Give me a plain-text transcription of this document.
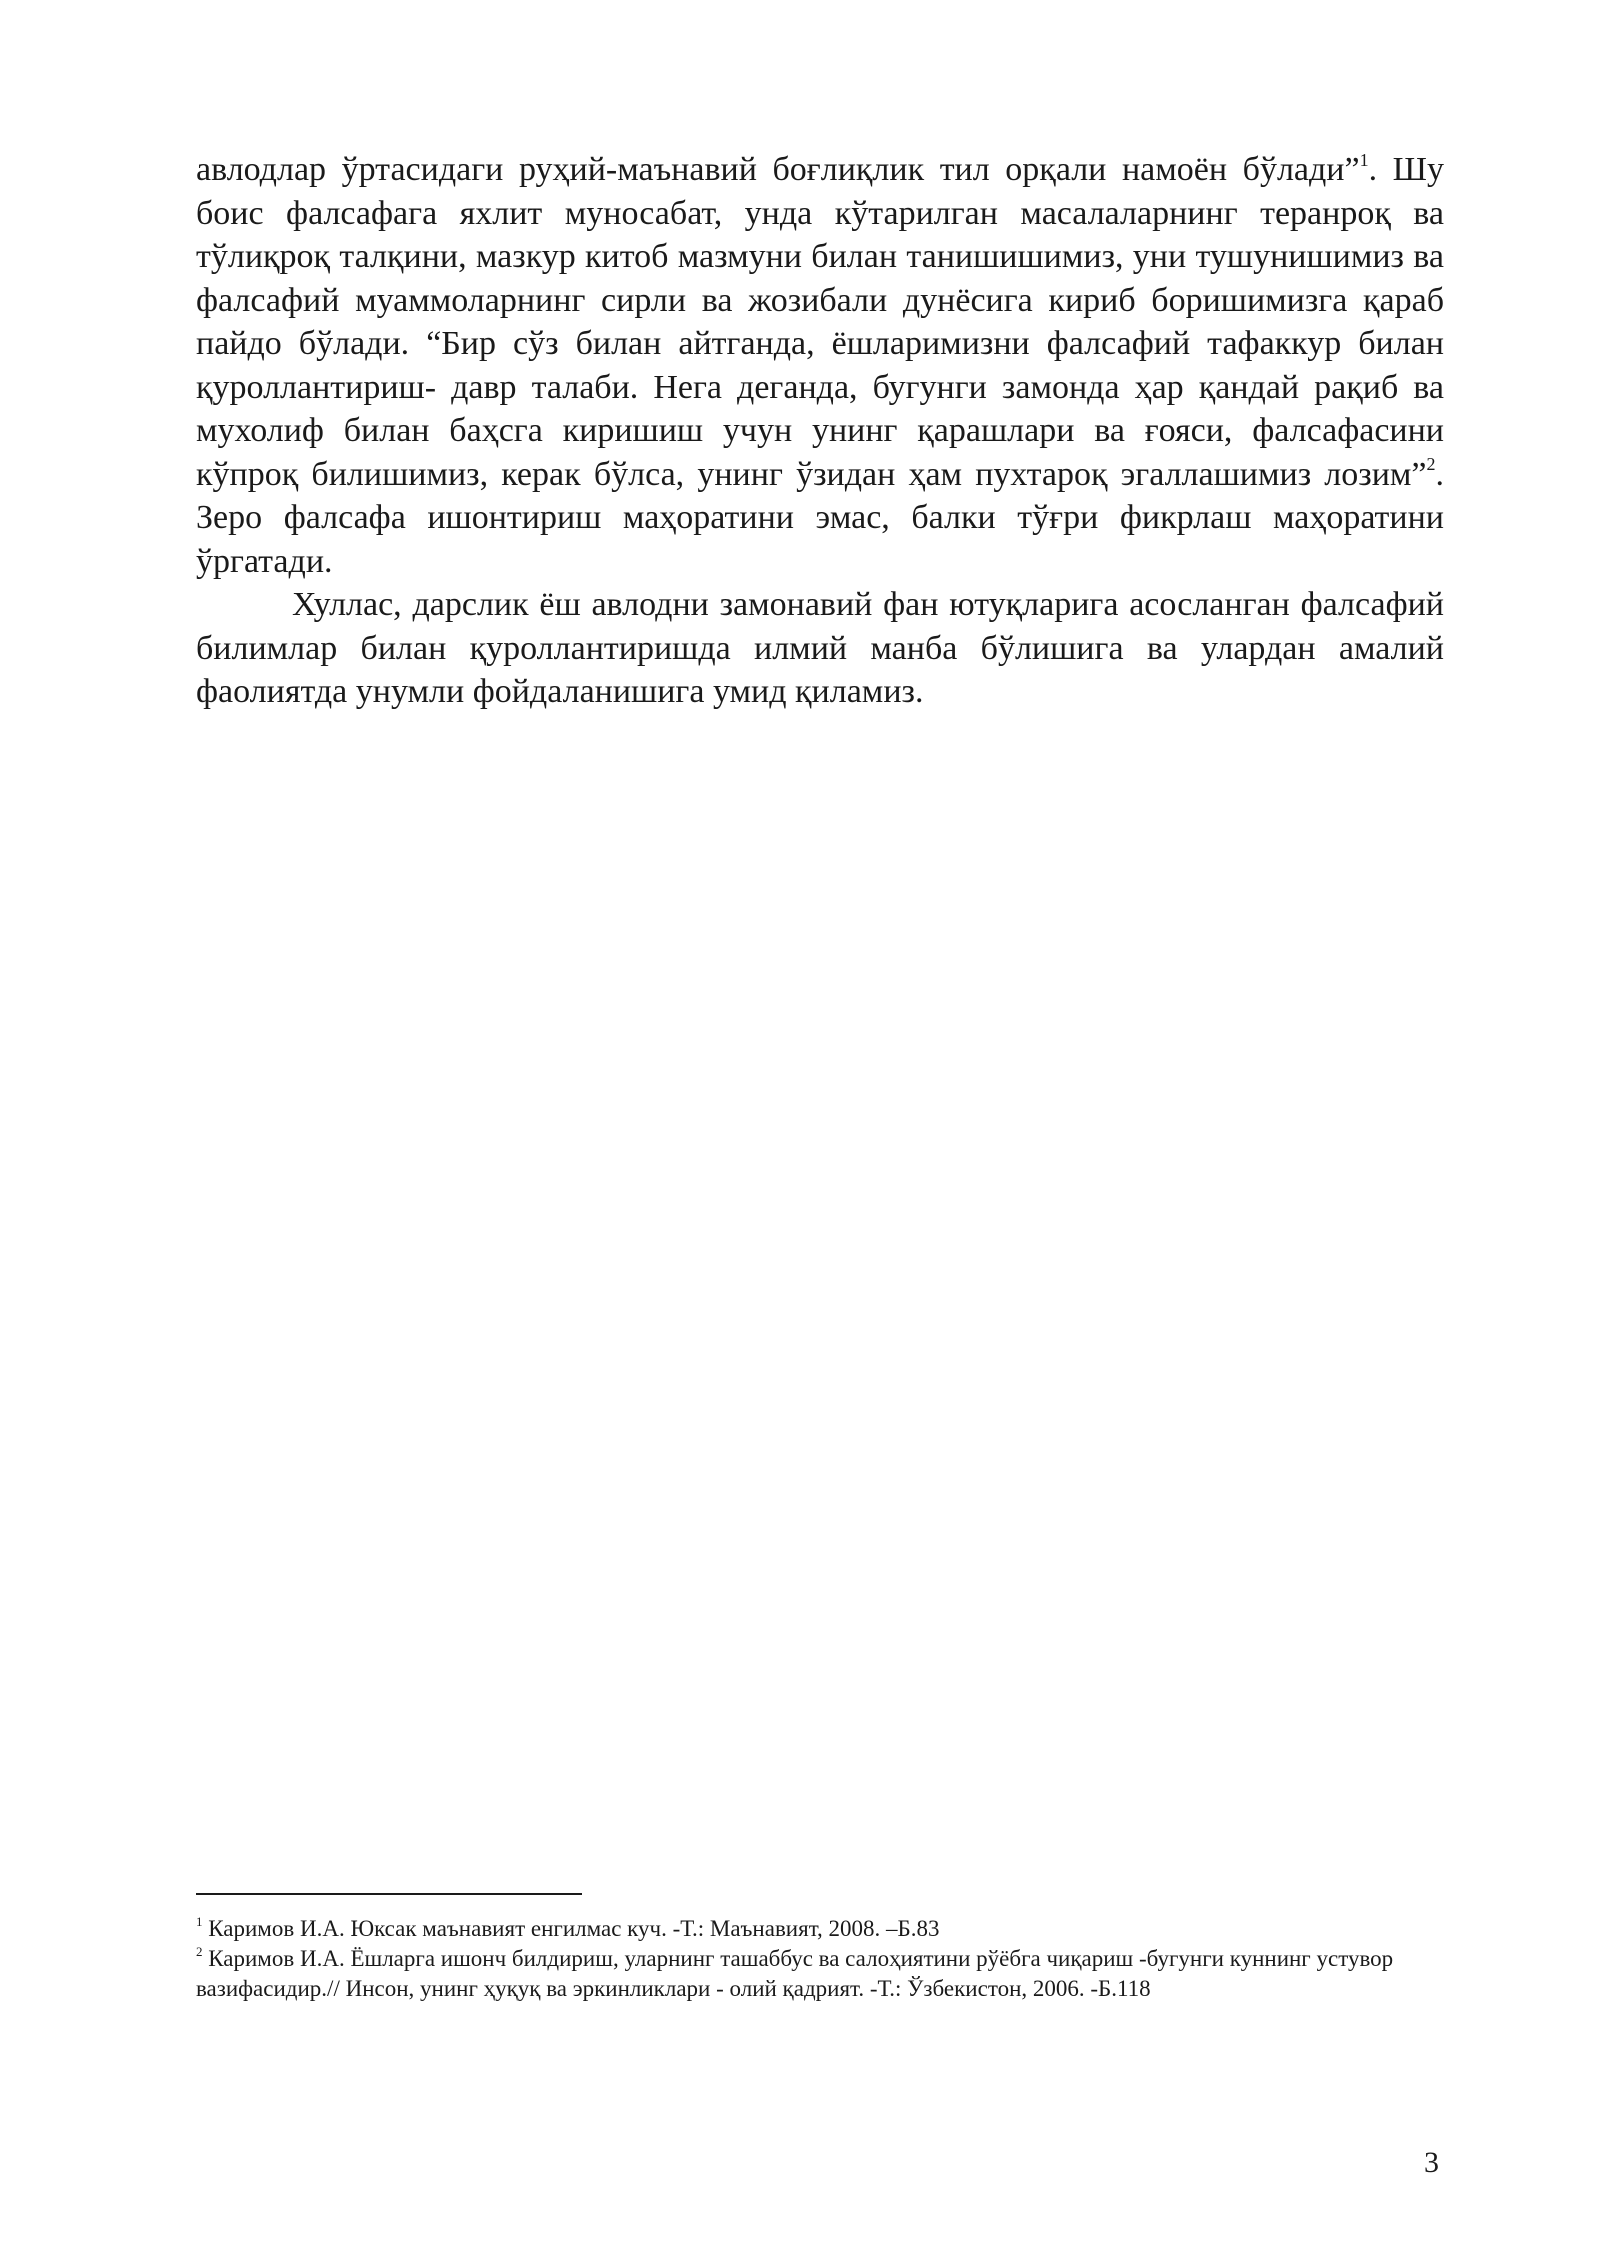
авлодлар ўртасидаги руҳий-маънавий боғлиқлик тил орқали намоён бўлади”$^1$. Шу боис фалсафага яхлит муносабат, унда кўтарилган масалаларнинг теранроқ ва тўлиқроқ талқини, мазкур китоб мазмуни билан танишишимиз, уни тушунишимиз ва фалсафий муаммоларнинг сирли ва жозибали дунёсига кириб боришимизга қараб пайдо бўлади. “Бир сўз билан айтганда, ёшларимизни фалсафий тафаккур билан қуроллантириш- давр талаби. Нега деганда, бугунги замонда ҳар қандай рақиб ва мухолиф билан баҳсга киришиш учун унинг қарашлари ва ғояси, фалсафасини кўпроқ билишимиз, керак бўлса, унинг ўзидан ҳам пухтароқ эгаллашимиз лозим”$^2$. Зеро фалсафа ишонтириш маҳоратини эмас, балки тўғри фикрлаш маҳоратини ўргатади.

Хуллас, дарслик ёш авлодни замонавий фан ютуқларига асосланган фалсафий билимлар билан қуроллантиришда илмий манба бўлишига ва улардан амалий фаолиятда унумли фойдаланишига умид қиламиз.

$^1$ Каримов И.А. Юксак маънавият енгилмас куч. -Т.: Маънавият, 2008. –Б.83

$^2$ Каримов И.А. Ёшларга ишонч билдириш, уларнинг ташаббус ва салоҳиятини рўёбга чиқариш -бугунги куннинг устувор вазифасидир.// Инсон, унинг ҳуқуқ ва эркинликлари - олий қадрият. -Т.: Ўзбекистон, 2006. -Б.118

3
